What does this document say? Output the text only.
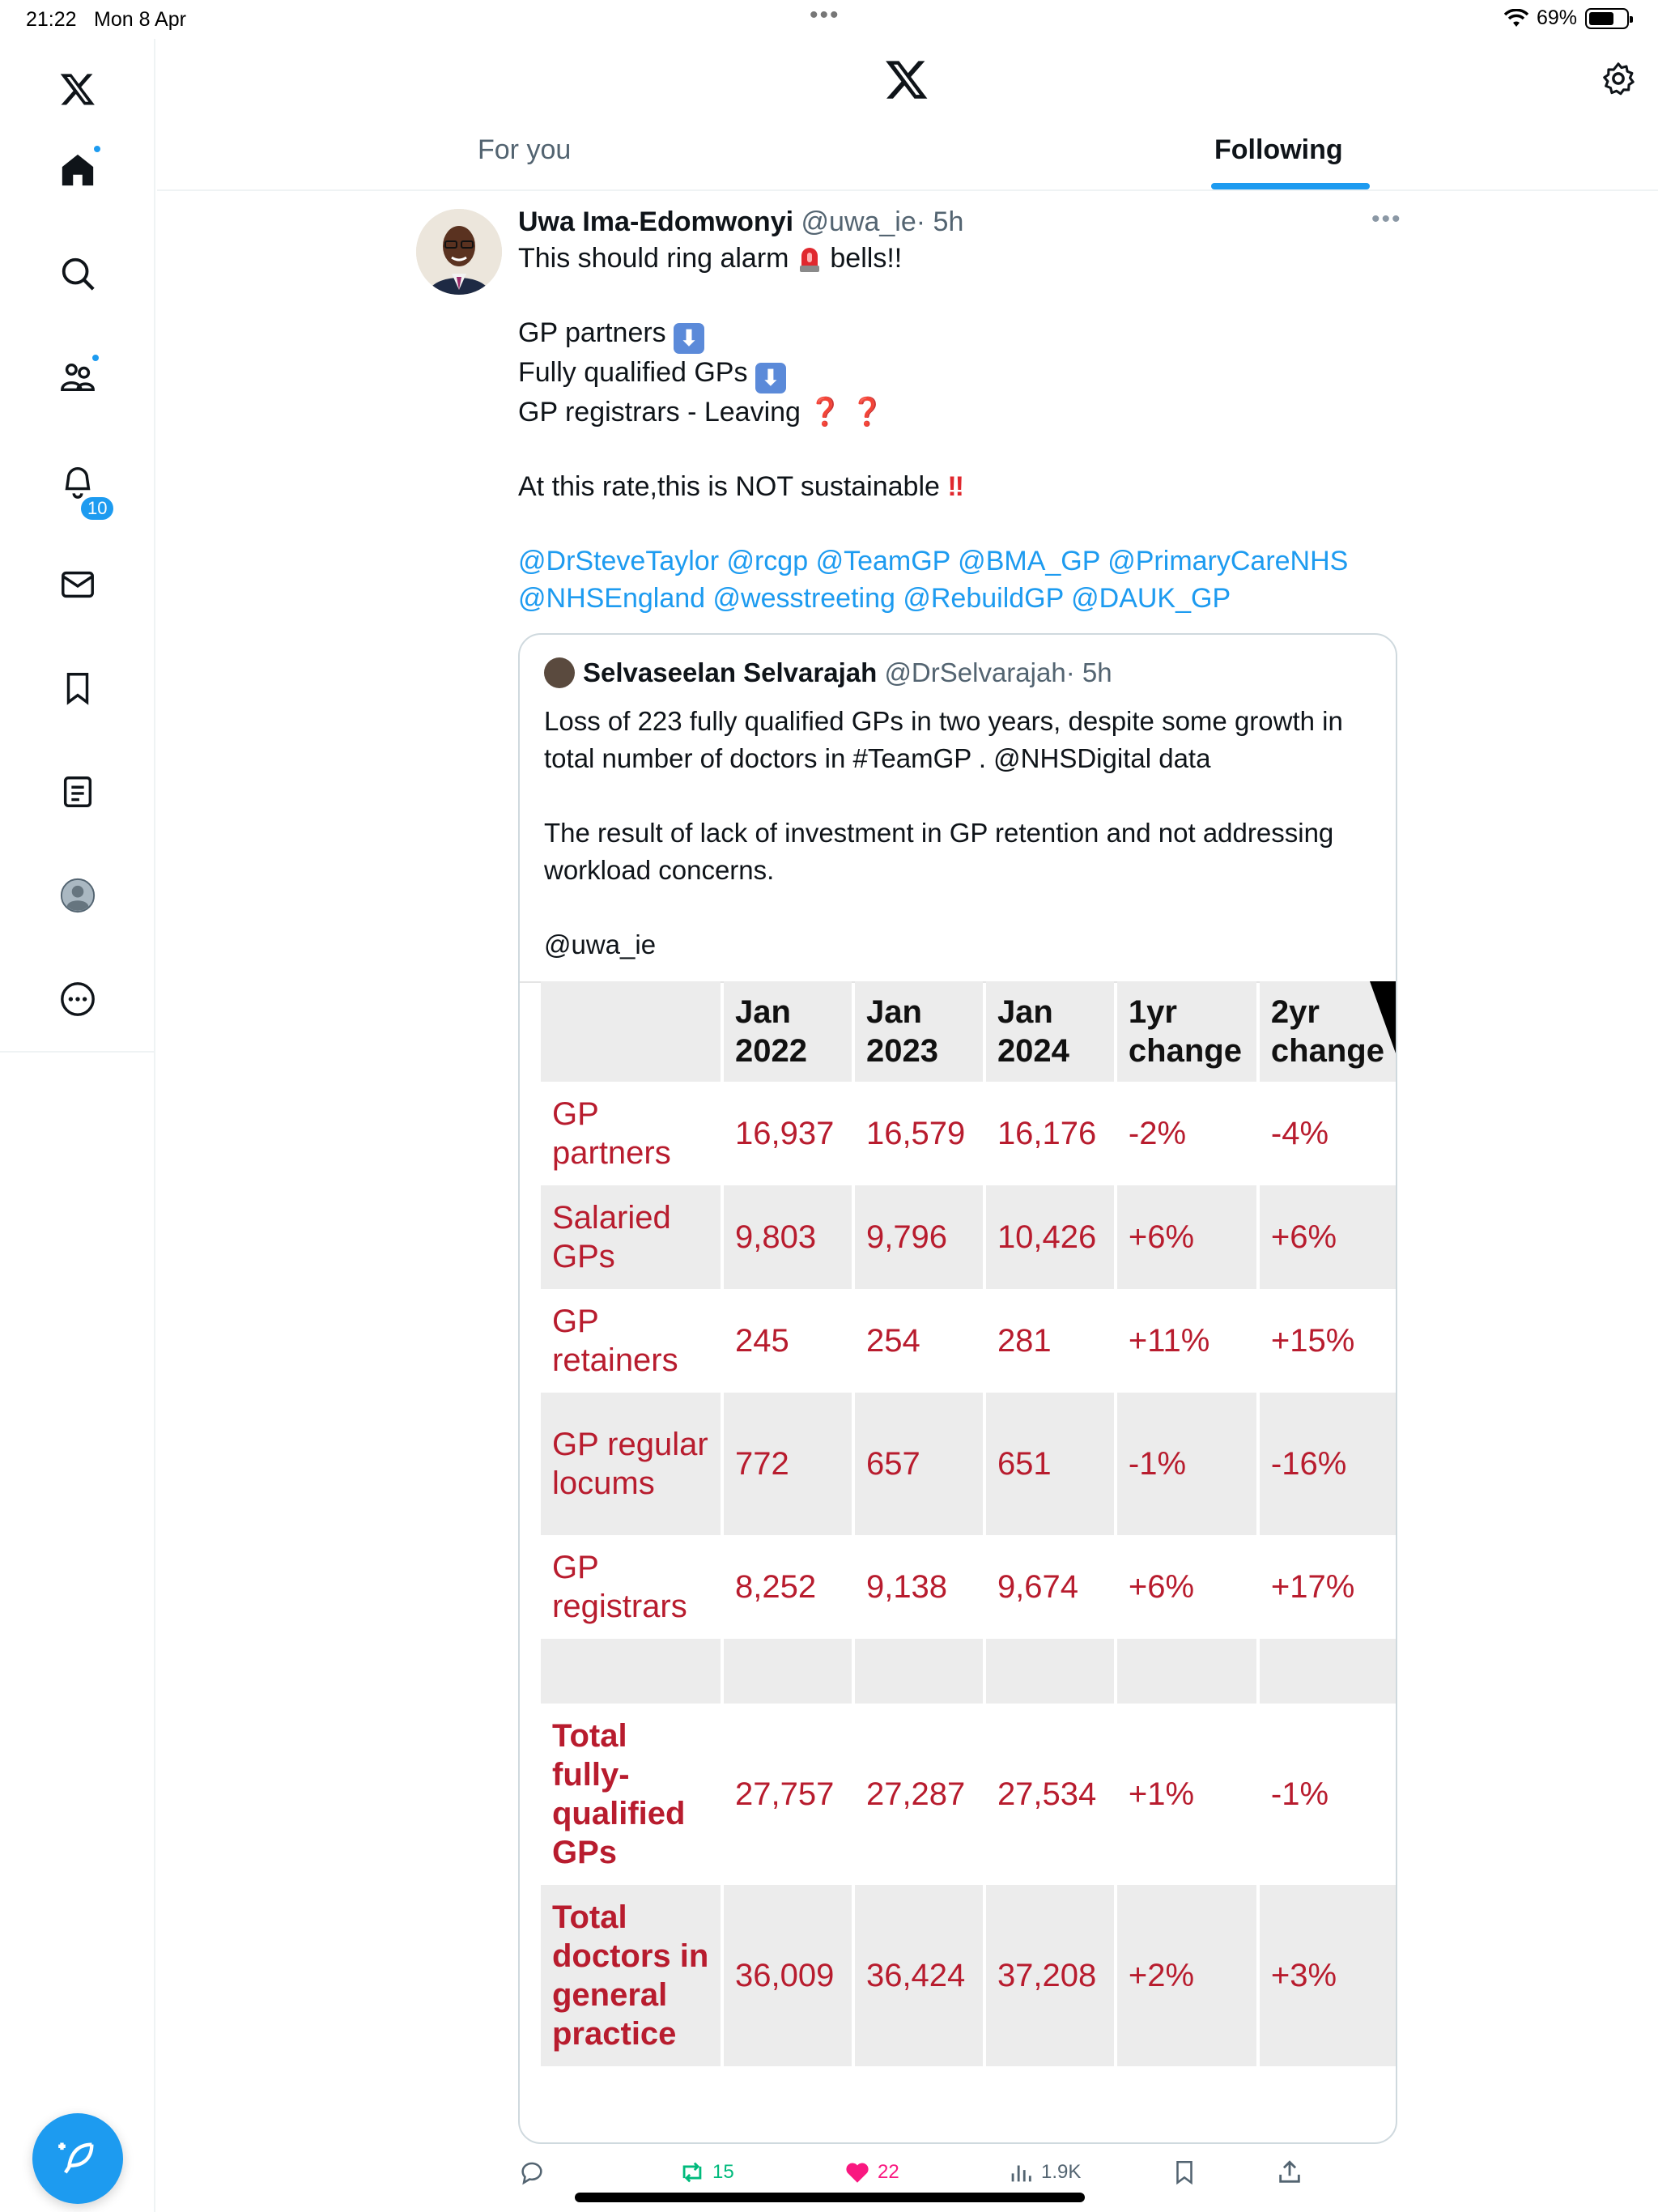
21:22 Mon 8 Apr	•••	69%
10
For you	Following
Uwa Ima-Edomwonyi @uwa_ie· 5h	•••
This should ring alarm bells!!
GP partners ⬇
Fully qualified GPs ⬇
GP registrars - Leaving ❓ ❓
At this rate,this is NOT sustainable ‼
@DrSteveTaylor @rcgp @TeamGP @BMA_GP @PrimaryCareNHS
@NHSEngland @wesstreeting @RebuildGP @DAUK_GP
Selvaseelan Selvarajah
@DrSelvarajah · 5h
Loss of 223 fully qualified GPs in two years, despite some growth in total number of doctors in #TeamGP . @NHSDigital data
The result of lack of investment in GP retention and not addressing workload concerns.
@uwa_ie
	Jan 2022	Jan 2023	Jan 2024	1yr change	2yr change
GP partners	16,937	16,579	16,176	-2%	-4%
Salaried GPs	9,803	9,796	10,426	+6%	+6%
GP retainers	245	254	281	+11%	+15%
GP regular locums	772	657	651	-1%	-16%
GP registrars	8,252	9,138	9,674	+6%	+17%

Total fully-qualified GPs	27,757	27,287	27,534	+1%	-1%
Total doctors in general practice	36,009	36,424	37,208	+2%	+3%
15	22	1.9K
